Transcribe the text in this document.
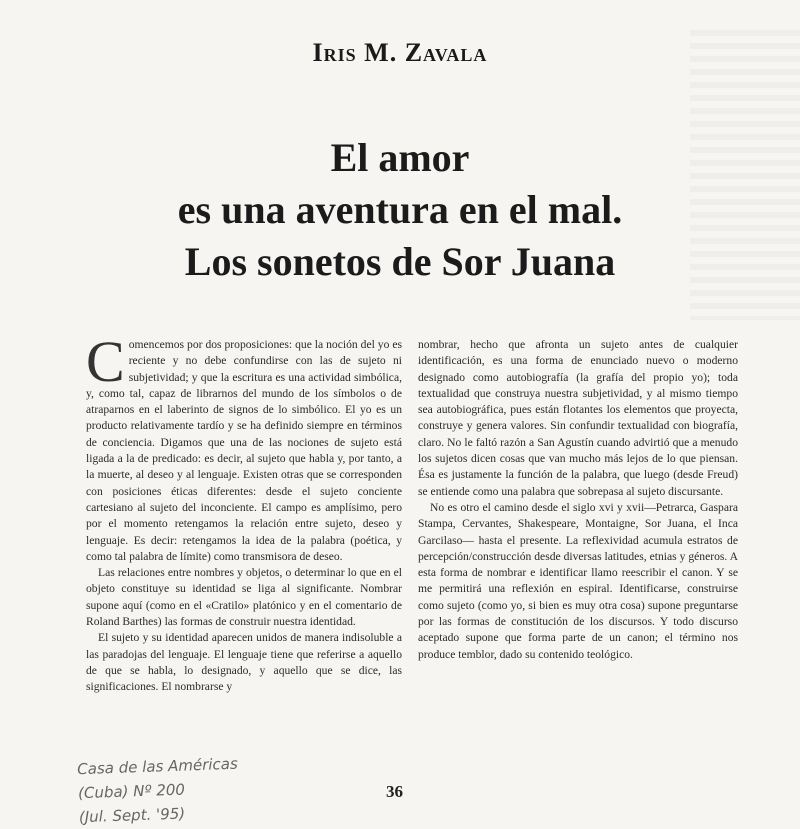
Iris M. Zavala
El amor
es una aventura en el mal.
Los sonetos de Sor Juana

Comencemos por dos proposiciones: que la noción del yo es reciente y no debe confundirse con las de sujeto ni subjetividad; y que la escritura es una actividad simbólica, y, como tal, capaz de librarnos del mundo de los símbolos o de atraparnos en el laberinto de signos de lo simbólico. El yo es un producto relativamente tardío y se ha definido siempre en términos de conciencia. Digamos que una de las nociones de sujeto está ligada a la de predicado: es decir, al sujeto que habla y, por tanto, a la muerte, al deseo y al lenguaje. Existen otras que se corresponden con posiciones éticas diferentes: desde el sujeto conciente cartesiano al sujeto del inconciente. El campo es amplísimo, pero por el momento retengamos la relación entre sujeto, deseo y lenguaje. Es decir: retengamos la idea de la palabra (poética, y como tal palabra de límite) como transmisora de deseo.

Las relaciones entre nombres y objetos, o determinar lo que en el objeto constituye su identidad se liga al significante. Nombrar supone aquí (como en el «Cratilo» platónico y en el comentario de Roland Barthes) las formas de construir nuestra identidad.

El sujeto y su identidad aparecen unidos de manera indisoluble a las paradojas del lenguaje. El lenguaje tiene que referirse a aquello de que se habla, lo designado, y aquello que se dice, las significaciones. El nombrarse y

nombrar, hecho que afronta un sujeto antes de cualquier identificación, es una forma de enunciado nuevo o moderno designado como autobiografía (la grafía del propio yo); toda textualidad que construya nuestra subjetividad, y al mismo tiempo sea autobiográfica, pues están flotantes los elementos que proyecta, construye y genera valores. Sin confundir textualidad con biografía, claro. No le faltó razón a San Agustín cuando advirtió que a menudo los sujetos dicen cosas que van mucho más lejos de lo que piensan. Ésa es justamente la función de la palabra, que luego (desde Freud) se entiende como una palabra que sobrepasa al sujeto discursante.

No es otro el camino desde el siglo xvi y xvii—Petrarca, Gaspara Stampa, Cervantes, Shakespeare, Montaigne, Sor Juana, el Inca Garcilaso— hasta el presente. La reflexividad acumula estratos de percepción/construcción desde diversas latitudes, etnias y géneros. A esta forma de nombrar e identificar llamo reescribir el canon. Y se me permitirá una reflexión en espiral. Identificarse, construirse como sujeto (como yo, si bien es muy otra cosa) supone preguntarse por las formas de constitución de los discursos. Y todo discurso aceptado supone que forma parte de un canon; el término nos produce temblor, dado su contenido teológico.

Casa de las Américas
(Cuba) Nº 200
(Jul. Sept. '95)
36
